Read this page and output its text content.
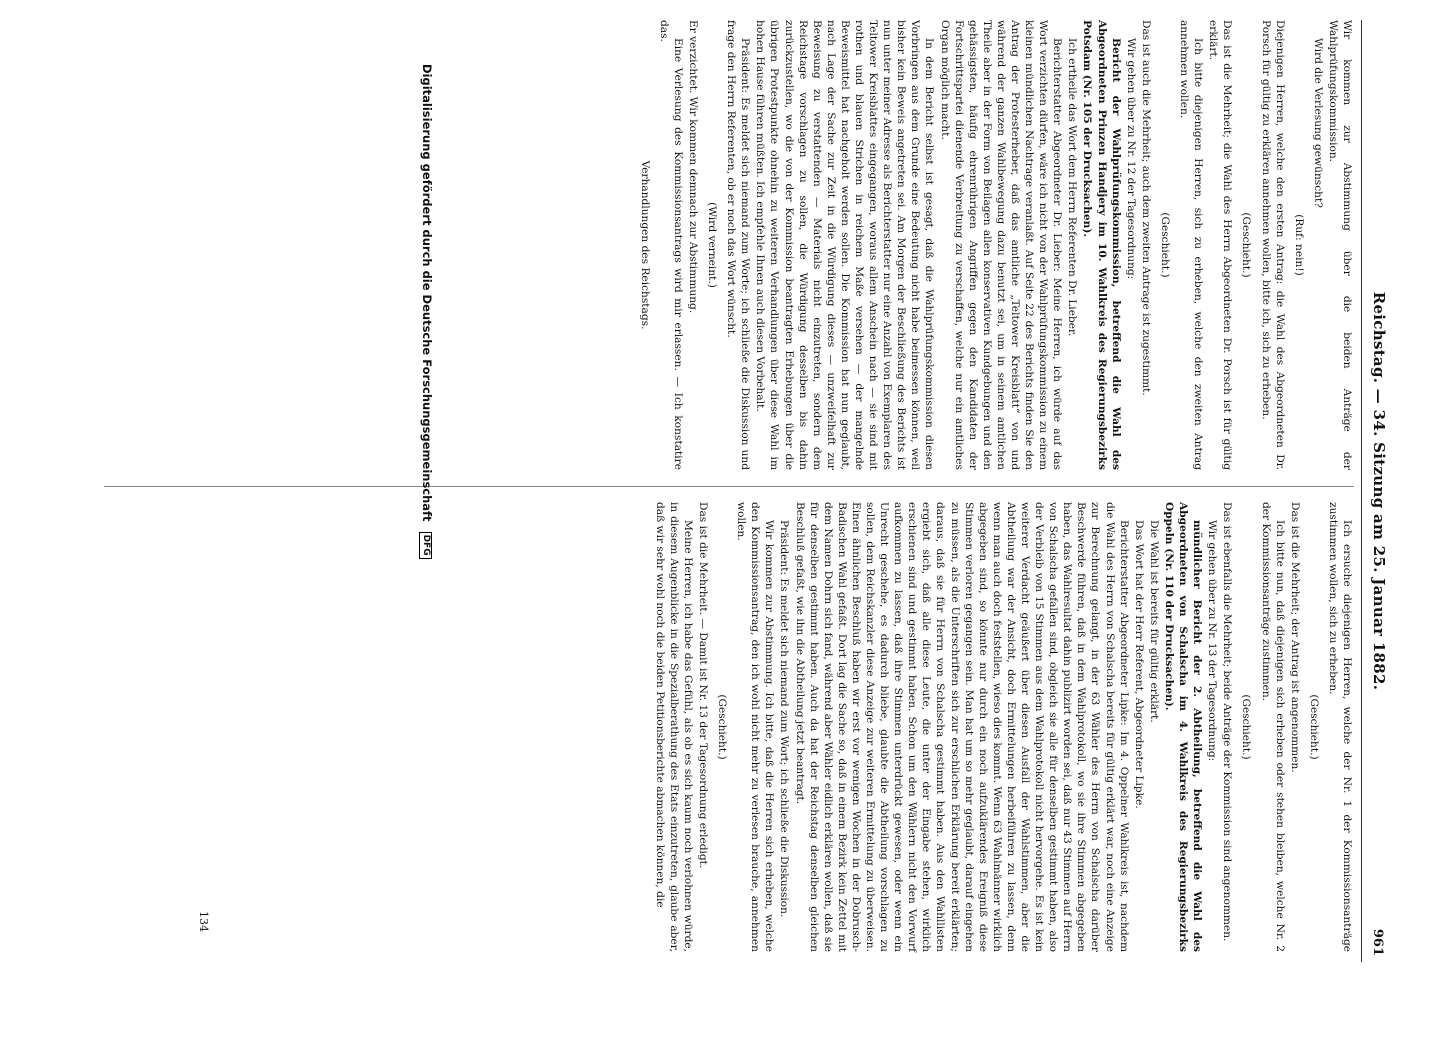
Reichstag. — 34. Sitzung am 25. Januar 1882.
961

Wir kommen zur Abstimmung über die beiden Anträge der Wahlprüfungskommission.

Wird die Verlesung gewünscht?

(Ruf: nein!)

Diejenigen Herren, welche den ersten Antrag: die Wahl des Abgeordneten Dr. Porsch für gültig zu erklären annehmen wollen, bitte ich, sich zu erheben.

(Geschieht.)

Das ist die Mehrheit; die Wahl des Herrn Abgeordneten Dr. Porsch ist für gültig erklärt.

Ich bitte diejenigen Herren, sich zu erheben, welche den zweiten Antrag annehmen wollen.

(Geschieht.)

Das ist auch die Mehrheit; auch dem zweiten Antrage ist zugestimmt.

Wir gehen über zu Nr. 12 der Tagesordnung:

Bericht der Wahlprüfungskommission, betreffend die Wahl des Abgeordneten Prinzen Handjery im 10. Wahlkreis des Regierungsbezirks Potsdam (Nr. 105 der Drucksachen).

Ich ertheile das Wort dem Herrn Referenten Dr. Lieber.

Berichterstatter Abgeordneter Dr. Lieber: Meine Herren, ich würde auf das Wort verzichten dürfen, wäre ich nicht von der Wahlprüfungskommission zu einem kleinen mündlichen Nachtrage veranlaßt. Auf Seite 22 des Berichts finden Sie den Antrag der Protesterheber, daß das amtliche „Teltower Kreisblatt“ von und während der ganzen Wahlbewegung dazu benutzt sei, um in seinem amtlichen Theile aber in der Form von Beilagen allen konservativen Kundgebungen und den gehässigsten, häufig ehrenrührigen Angriffen gegen den Kandidaten der Fortschrittspartei dienende Verbreitung zu verschaffen, welche nur ein amtliches Organ möglich macht.

In dem Bericht selbst ist gesagt, daß die Wahlprüfungskommission diesen Vorbringen aus dem Grunde eine Bedeutung nicht habe beimessen können, weil bisher kein Beweis angetreten sei. Am Morgen der Beschließung des Berichts ist nun unter meiner Adresse als Berichterstatter nur eine Anzahl von Exemplaren des Teltower Kreisblattes eingegangen, woraus allem Anschein nach — sie sind mit rothen und blauen Strichen in reichem Maße versehen — der mangelnde Beweismittel hat nachgeholt werden sollen. Die Kommission hat nun geglaubt, nach Lage der Sache zur Zeit in die Würdigung dieses — unzweifelhaft zur Beweisung zu verstattenden — Materials nicht einzutreten, sondern dem Reichstage vorschlagen zu sollen, die Würdigung desselben bis dahin zurückzustellen, wo die von der Kommission beantragten Erhebungen über die übrigen Protestpunkte ohnehin zu weiteren Verhandlungen über diese Wahl im hohen Hause führen müßten. Ich empfehle Ihnen auch diesen Vorbehalt.

Präsident: Es meldet sich niemand zum Worte; ich schließe die Diskussion und frage den Herrn Referenten, ob er noch das Wort wünscht.

(Wird verneint.)

Er verzichtet. Wir kommen demnach zur Abstimmung.

Eine Verlesung des Kommissionsantrags wird mir erlassen. — Ich konstatire das.

Verhandlungen des Reichstags.

Ich ersuche diejenigen Herren, welche der Nr. 1 der Kommissionsanträge zustimmen wollen, sich zu erheben.

(Geschieht.)

Das ist die Mehrheit; der Antrag ist angenommen.

Ich bitte nun, daß diejenigen sich erheben oder stehen bleiben, welche Nr. 2 der Kommissionsanträge zustimmen.

(Geschieht.)

Das ist ebenfalls die Mehrheit; beide Anträge der Kommission sind angenommen.

Wir gehen über zu Nr. 13 der Tagesordnung:

mündlicher Bericht der 2. Abtheilung, betreffend die Wahl des Abgeordneten von Schalscha im 4. Wahlkreis des Regierungsbezirks Oppeln (Nr. 110 der Drucksachen).

Die Wahl ist bereits für gültig erklärt.

Das Wort hat der Herr Referent, Abgeordneter Lipke.

Berichterstatter Abgeordneter Lipke: Im 4. Oppelner Wahlkreis ist, nachdem die Wahl des Herrn von Schalscha bereits für gültig erklärt war, noch eine Anzeige zur Berechnung gelangt, in der 63 Wähler des Herrn von Schalscha darüber Beschwerde führen, daß in dem Wahlprotokoll, wo sie ihre Stimmen abgegeben haben, das Wahlresultat dahin publizirt worden sei, daß nur 43 Stimmen auf Herrn von Schalscha gefallen sind, obgleich sie alle für denselben gestimmt haben, also der Verbleib von 15 Stimmen aus dem Wahlprotokoll nicht hervorgehe. Es ist kein weiterer Verdacht geäußert über diesen Ausfall der Wahlstimmen, aber die Abtheilung war der Ansicht, doch Ermittelungen herbeiführen zu lassen, denn wenn man auch doch feststellen, wieso dies kommt. Wenn 63 Wahlmänner wirklich abgegeben sind, so könnte nur durch ein noch aufzuklärendes Ereigniß diese Stimmen verloren gegangen sein. Man hat um so mehr geglaubt, darauf eingehen zu müssen, als die Unterschriften sich zur erschlichen Erklärung bereit erklärten; daraus, daß sie für Herrn von Schalscha gestimmt haben. Aus den Wahllisten ergiebt sich, daß alle diese Leute, die unter der Eingabe stehen, wirklich erschienen sind und gestimmt haben. Schon um den Wählern nicht den Vorwurf aufkommen zu lassen, daß ihre Stimmen unterdrückt gewesen, oder wenn ein Unrecht geschehe, es dadurch bliebe, glaubte die Abtheilung vorschlagen zu sollen, dem Reichskanzler diese Anzeige zur weiteren Ermittelung zu überweisen. Einen ähnlichen Beschluß haben wir erst vor wenigen Wochen in der Dobrusch-Badischen Wahl gefaßt. Dort lag die Sache so, daß in einem Bezirk kein Zettel mit dem Namen Dohrn sich fand, während aber Wähler eidlich erklären wollen, daß sie für denselben gestimmt haben. Auch da hat der Reichstag denselben gleichen Beschluß gefaßt, wie ihn die Abtheilung jetzt beantragt.

Präsident: Es meldet sich niemand zum Wort; ich schließe die Diskussion.

Wir kommen zur Abstimmung. Ich bitte, daß die Herren sich erheben, welche den Kommissionsantrag, den ich wohl nicht mehr zu verlesen brauche, annehmen wollen.

(Geschieht.)

Das ist die Mehrheit. — Damit ist Nr. 13 der Tagesordnung erledigt.

Meine Herren, ich habe das Gefühl, als ob es sich kaum noch verlohnen würde, in diesem Augenblicke in die Spezialberathung des Etats einzutreten, glaube aber, daß wir sehr wohl noch die beiden Petitionsberichte abmachen können, die

134
Digitalisierung gefördert durch die Deutsche Forschungsgemeinschaft DFG
